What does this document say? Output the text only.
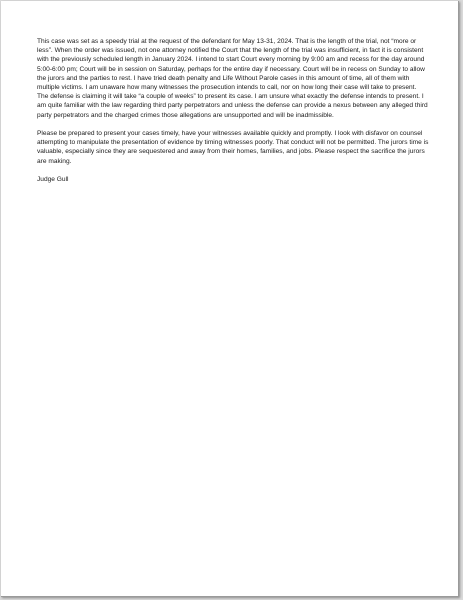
This case was set as a speedy trial at the request of the defendant for May 13-31, 2024. That is the length of the trial, not “more or less”. When the order was issued, not one attorney notified the Court that the length of the trial was insufficient, in fact it is consistent with the previously scheduled length in January 2024. I intend to start Court every morning by 9:00 am and recess for the day around 5:00-6:00 pm; Court will be in session on Saturday, perhaps for the entire day if necessary. Court will be in recess on Sunday to allow the jurors and the parties to rest. I have tried death penalty and Life Without Parole cases in this amount of time, all of them with multiple victims. I am unaware how many witnesses the prosecution intends to call, nor on how long their case will take to present. The defense is claiming it will take “a couple of weeks” to present its case. I am unsure what exactly the defense intends to present. I am quite familiar with the law regarding third party perpetrators and unless the defense can provide a nexus between any alleged third party perpetrators and the charged crimes those allegations are unsupported and will be inadmissible.

Please be prepared to present your cases timely, have your witnesses available quickly and promptly. I look with disfavor on counsel attempting to manipulate the presentation of evidence by timing witnesses poorly. That conduct will not be permitted. The jurors time is valuable, especially since they are sequestered and away from their homes, families, and jobs. Please respect the sacrifice the jurors are making.

Judge Gull
